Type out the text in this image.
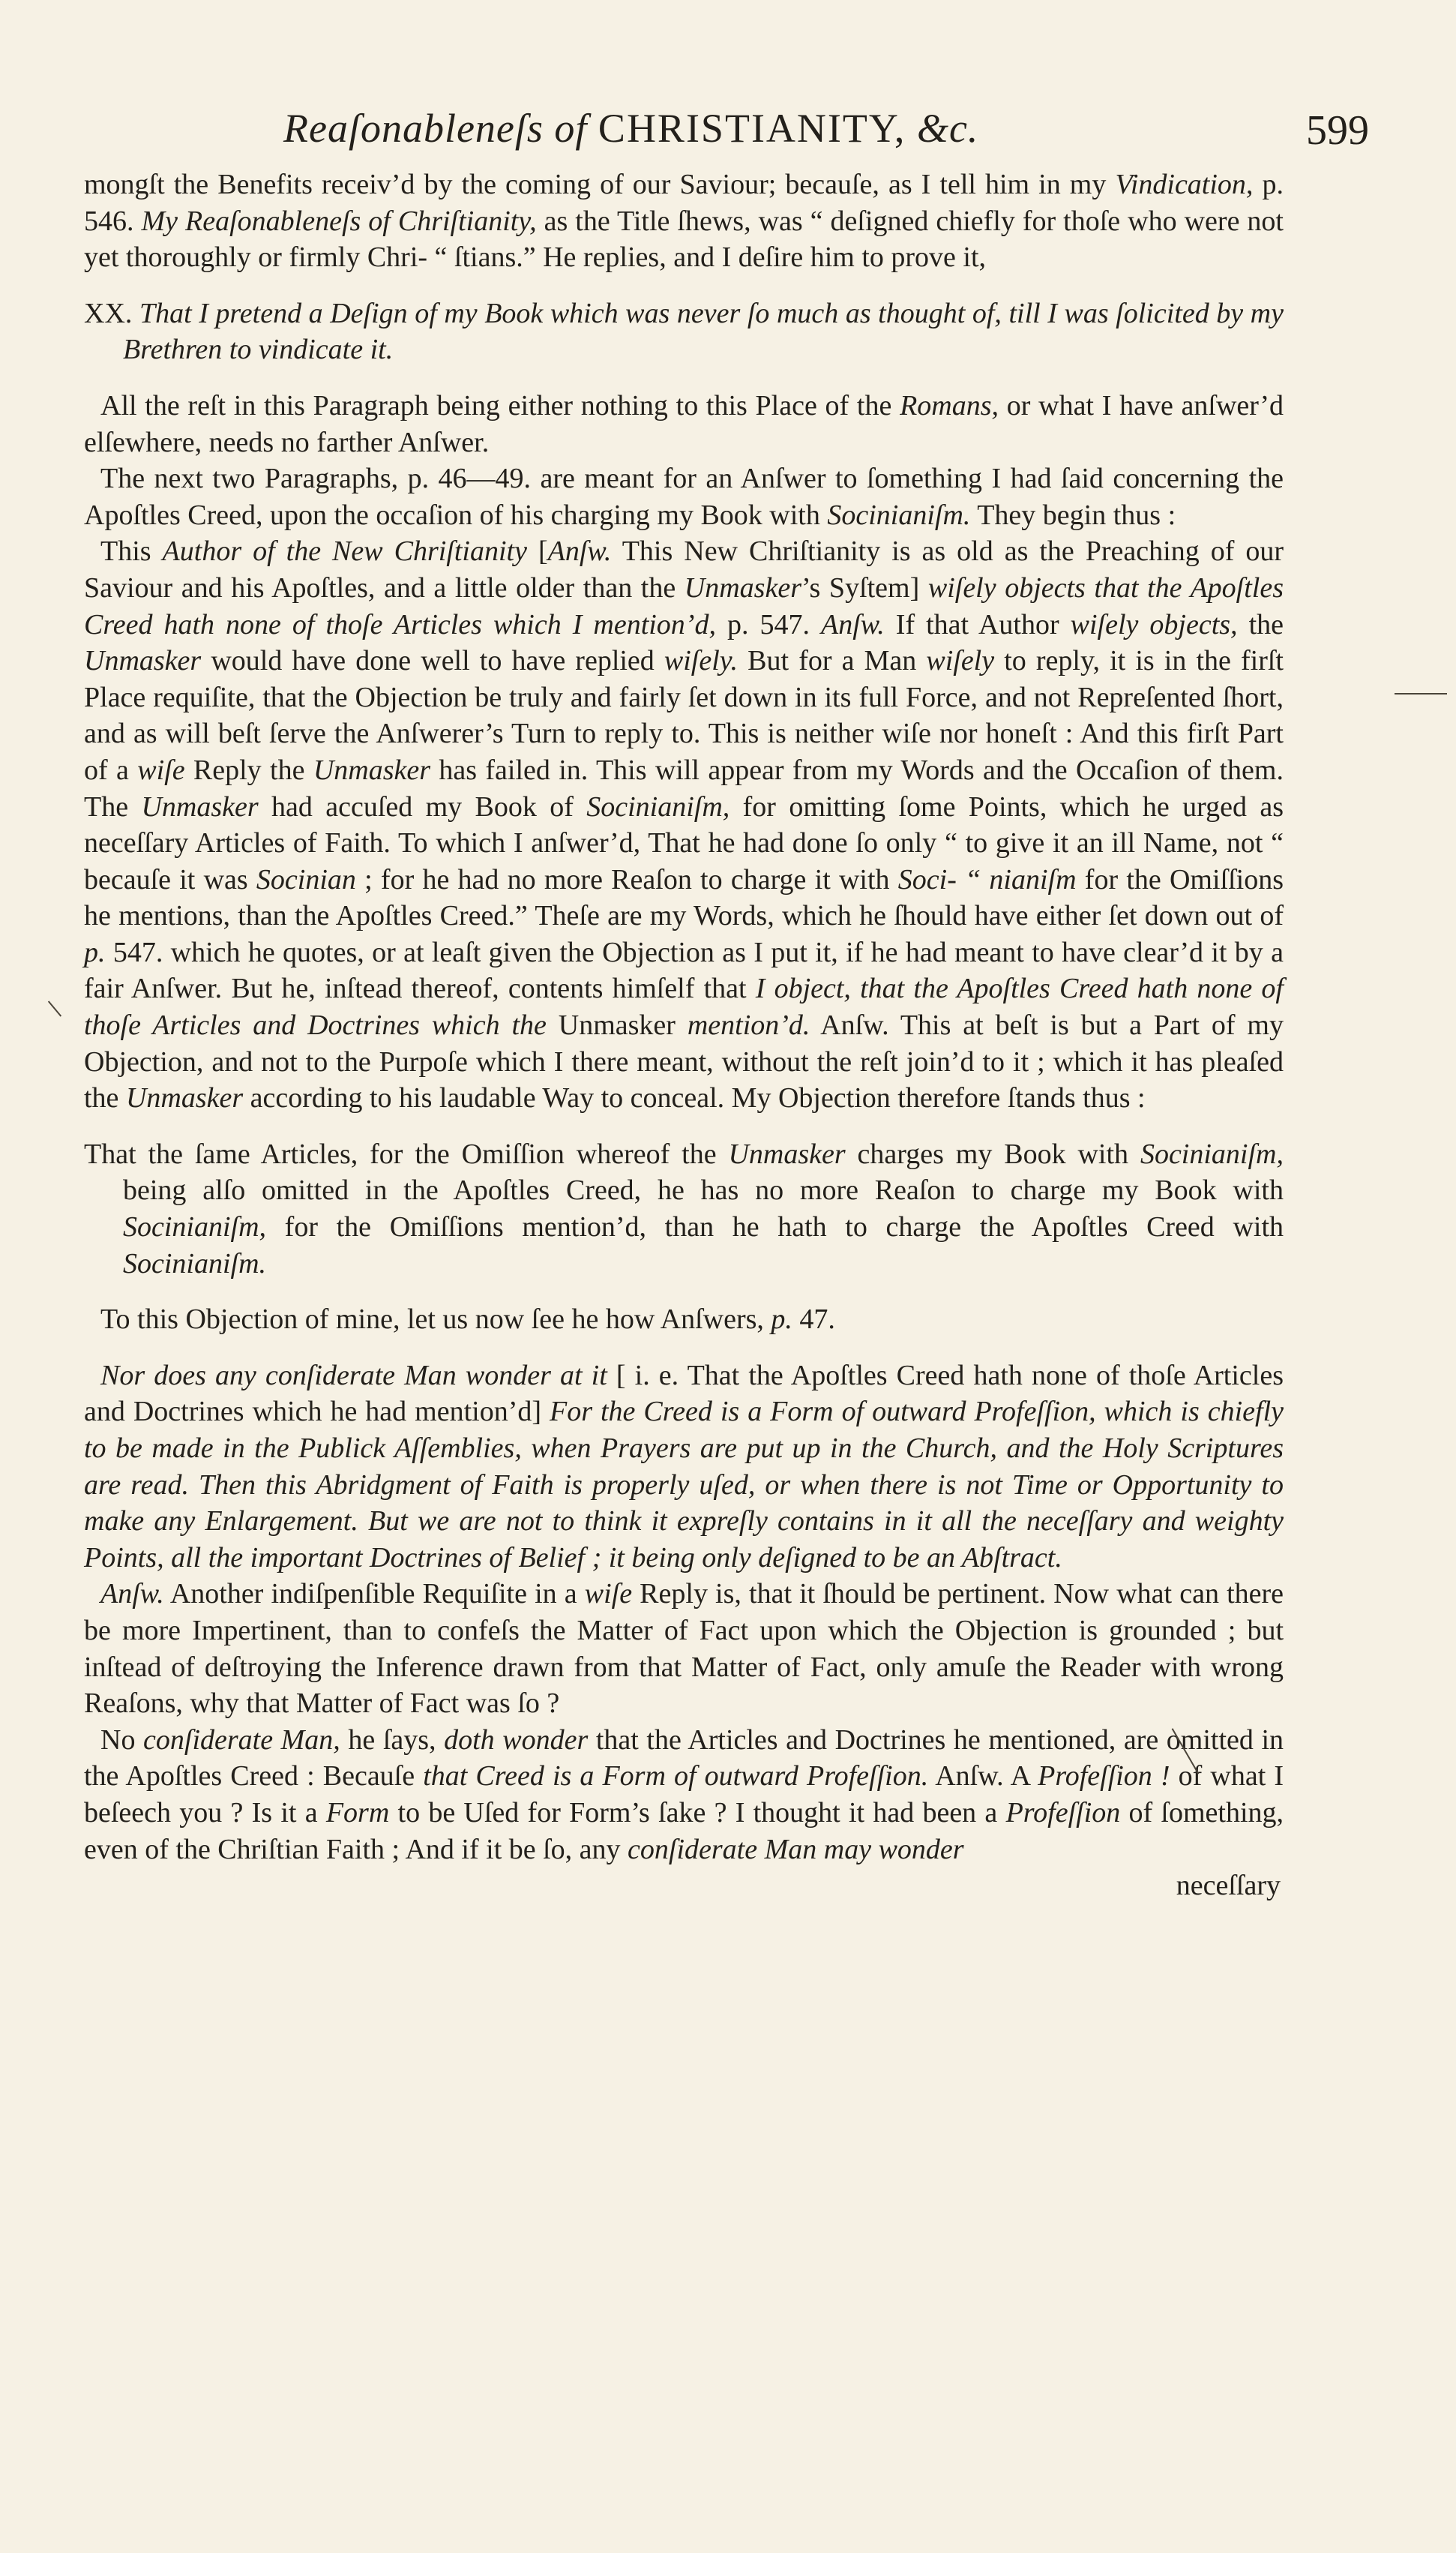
Reaſonableneſs of CHRISTIANITY, &c.	599

mongſt the Benefits receiv’d by the coming of our Saviour; becauſe, as I tell him in my Vindication, p. 546. My Reaſonableneſs of Chriſtianity, as the Title ſhews, was “ deſigned chiefly for thoſe who were not yet thoroughly or firmly Chri- “ ſtians.” He replies, and I deſire him to prove it,

XX. That I pretend a Deſign of my Book which was never ſo much as thought of, till I was ſolicited by my Brethren to vindicate it.

All the reſt in this Paragraph being either nothing to this Place of the Romans, or what I have anſwer’d elſewhere, needs no farther Anſwer.

The next two Paragraphs, p. 46—49. are meant for an Anſwer to ſomething I had ſaid concerning the Apoſtles Creed, upon the occaſion of his charging my Book with Socinianiſm. They begin thus :

This Author of the New Chriſtianity [Anſw. This New Chriſtianity is as old as the Preaching of our Saviour and his Apoſtles, and a little older than the Unmasker’s Syſtem] wiſely objects that the Apoſtles Creed hath none of thoſe Articles which I mention’d, p. 547. Anſw. If that Author wiſely objects, the Unmasker would have done well to have replied wiſely. But for a Man wiſely to reply, it is in the firſt Place requiſite, that the Objection be truly and fairly ſet down in its full Force, and not Repreſented ſhort, and as will beſt ſerve the Anſwerer’s Turn to reply to. This is neither wiſe nor honeſt : And this firſt Part of a wiſe Reply the Unmasker has failed in. This will appear from my Words and the Occaſion of them. The Unmasker had accuſed my Book of Socinianiſm, for omitting ſome Points, which he urged as neceſſary Articles of Faith. To which I anſwer’d, That he had done ſo only “ to give it an ill Name, not “ becauſe it was Socinian ; for he had no more Reaſon to charge it with Soci- “ nianiſm for the Omiſſions he mentions, than the Apoſtles Creed.” Theſe are my Words, which he ſhould have either ſet down out of p. 547. which he quotes, or at leaſt given the Objection as I put it, if he had meant to have clear’d it by a fair Anſwer. But he, inſtead thereof, contents himſelf that I object, that the Apoſtles Creed hath none of thoſe Articles and Doctrines which the Unmasker mention’d. Anſw. This at beſt is but a Part of my Objection, and not to the Purpoſe which I there meant, without the reſt join’d to it ; which it has pleaſed the Unmasker according to his laudable Way to conceal. My Objection therefore ſtands thus :

That the ſame Articles, for the Omiſſion whereof the Unmasker charges my Book with Socinianiſm, being alſo omitted in the Apoſtles Creed, he has no more Reaſon to charge my Book with Socinianiſm, for the Omiſſions mention’d, than he hath to charge the Apoſtles Creed with Socinianiſm.

To this Objection of mine, let us now ſee he how Anſwers, p. 47.

Nor does any conſiderate Man wonder at it [ i. e. That the Apoſtles Creed hath none of thoſe Articles and Doctrines which he had mention’d] For the Creed is a Form of outward Profeſſion, which is chiefly to be made in the Publick Aſſemblies, when Prayers are put up in the Church, and the Holy Scriptures are read. Then this Abridgment of Faith is properly uſed, or when there is not Time or Opportunity to make any Enlargement. But we are not to think it expreſly contains in it all the neceſſary and weighty Points, all the important Doctrines of Belief ; it being only deſigned to be an Abſtract.

Anſw. Another indiſpenſible Requiſite in a wiſe Reply is, that it ſhould be pertinent. Now what can there be more Impertinent, than to confeſs the Matter of Fact upon which the Objection is grounded ; but inſtead of deſtroying the Inference drawn from that Matter of Fact, only amuſe the Reader with wrong Reaſons, why that Matter of Fact was ſo ?

No conſiderate Man, he ſays, doth wonder that the Articles and Doctrines he mentioned, are omitted in the Apoſtles Creed : Becauſe that Creed is a Form of outward Profeſſion. Anſw. A Profeſſion ! of what I beſeech you ? Is it a Form to be Uſed for Form’s ſake ? I thought it had been a Profeſſion of ſomething, even of the Chriſtian Faith ; And if it be ſo, any conſiderate Man may wonder

neceſſary
